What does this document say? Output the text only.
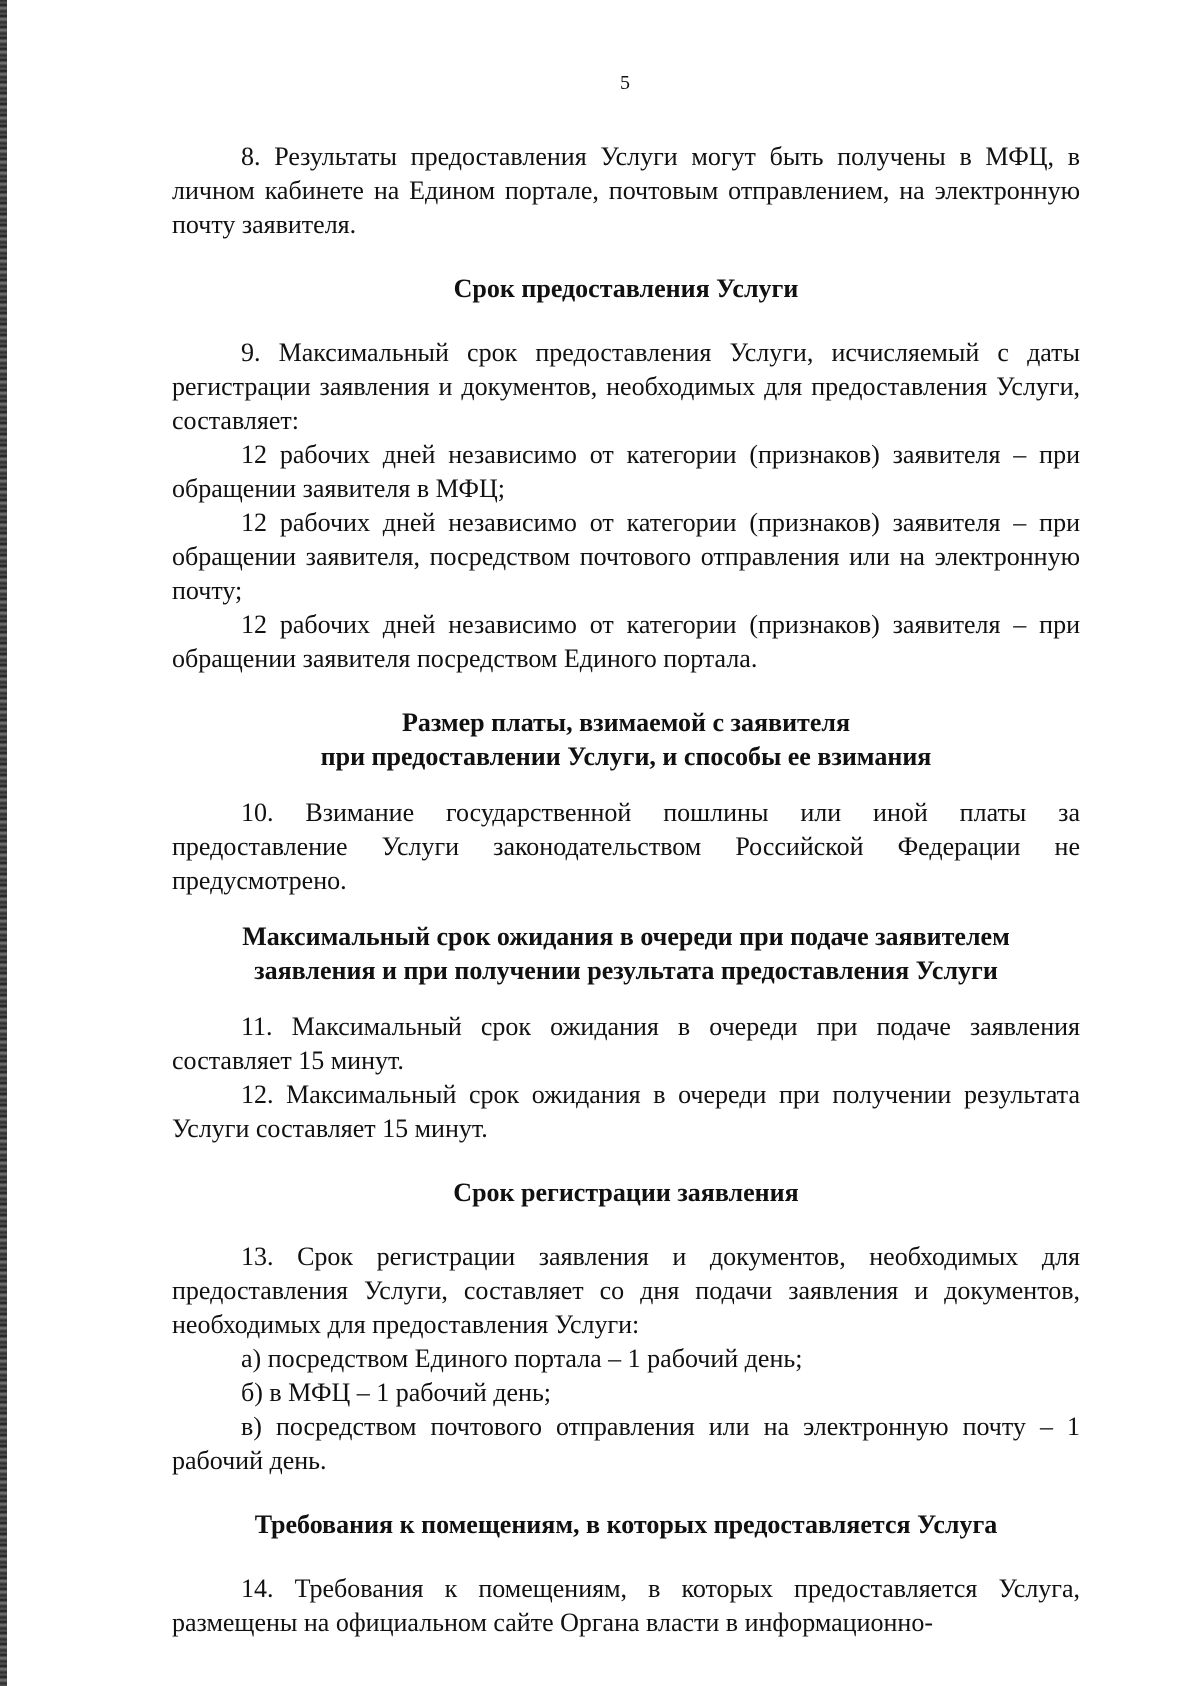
5

8. Результаты предоставления Услуги могут быть получены в МФЦ, в личном кабинете на Едином портале, почтовым отправлением, на электронную почту заявителя.

Срок предоставления Услуги

9. Максимальный срок предоставления Услуги, исчисляемый с даты регистрации заявления и документов, необходимых для предоставления Услуги, составляет:

12 рабочих дней независимо от категории (признаков) заявителя – при обращении заявителя в МФЦ;

12 рабочих дней независимо от категории (признаков) заявителя – при обращении заявителя, посредством почтового отправления или на электронную почту;

12 рабочих дней независимо от категории (признаков) заявителя – при обращении заявителя посредством Единого портала.

Размер платы, взимаемой с заявителя
при предоставлении Услуги, и способы ее взимания

10. Взимание государственной пошлины или иной платы за предоставление Услуги законодательством Российской Федерации не предусмотрено.

Максимальный срок ожидания в очереди при подаче заявителем
заявления и при получении результата предоставления Услуги

11. Максимальный срок ожидания в очереди при подаче заявления составляет 15 минут.

12. Максимальный срок ожидания в очереди при получении результата Услуги составляет 15 минут.

Срок регистрации заявления

13. Срок регистрации заявления и документов, необходимых для предоставления Услуги, составляет со дня подачи заявления и документов, необходимых для предоставления Услуги:

а) посредством Единого портала – 1 рабочий день;

б) в МФЦ – 1 рабочий день;

в) посредством почтового отправления или на электронную почту – 1 рабочий день.

Требования к помещениям, в которых предоставляется Услуга

14. Требования к помещениям, в которых предоставляется Услуга, размещены на официальном сайте Органа власти в информационно-
